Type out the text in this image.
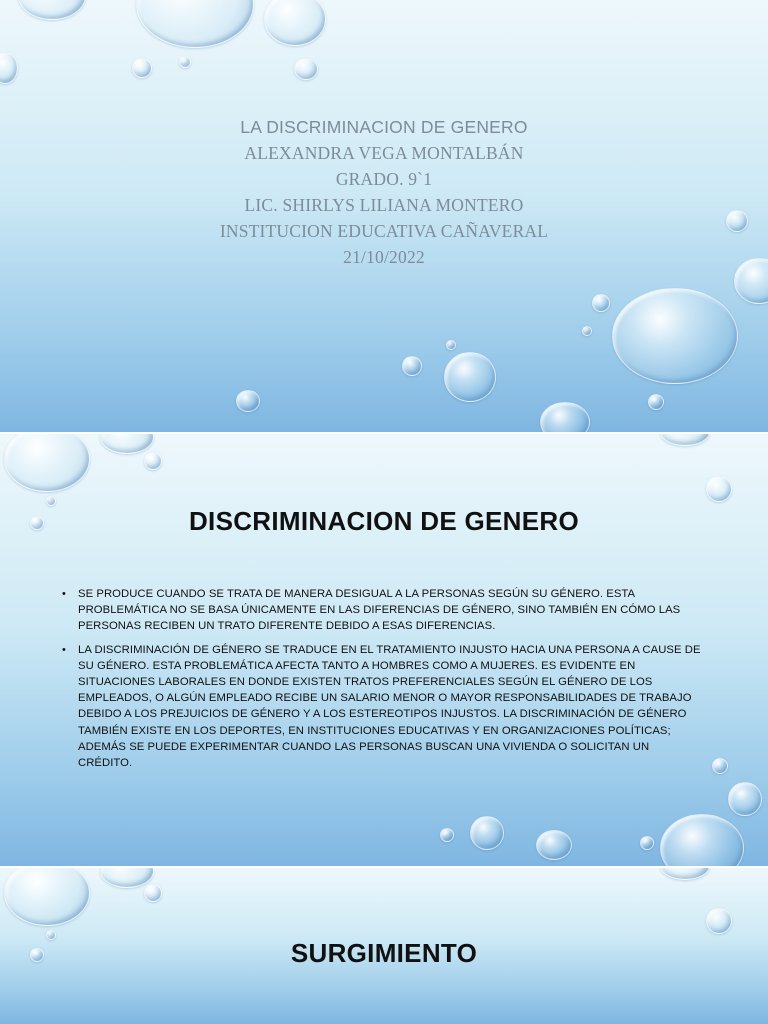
LA DISCRIMINACION DE GENERO
ALEXANDRA VEGA MONTALBÁN
GRADO. 9`1
LIC. SHIRLYS LILIANA MONTERO
INSTITUCION EDUCATIVA CAÑAVERAL
21/10/2022
DISCRIMINACION DE GENERO
• SE PRODUCE CUANDO SE TRATA DE MANERA DESIGUAL A LA PERSONAS SEGÚN SU GÉNERO. ESTA PROBLEMÁTICA NO SE BASA ÚNICAMENTE EN LAS DIFERENCIAS DE GÉNERO, SINO TAMBIÉN EN CÓMO LAS PERSONAS RECIBEN UN TRATO DIFERENTE DEBIDO A ESAS DIFERENCIAS.
• LA DISCRIMINACIÓN DE GÉNERO SE TRADUCE EN EL TRATAMIENTO INJUSTO HACIA UNA PERSONA A CAUSE DE SU GÉNERO. ESTA PROBLEMÁTICA AFECTA TANTO A HOMBRES COMO A MUJERES. ES EVIDENTE EN SITUACIONES LABORALES EN DONDE EXISTEN TRATOS PREFERENCIALES SEGÚN EL GÉNERO DE LOS EMPLEADOS, O ALGÚN EMPLEADO RECIBE UN SALARIO MENOR O MAYOR RESPONSABILIDADES DE TRABAJO DEBIDO A LOS PREJUICIOS DE GÉNERO Y A LOS ESTEREOTIPOS INJUSTOS. LA DISCRIMINACIÓN DE GÉNERO TAMBIÉN EXISTE EN LOS DEPORTES, EN INSTITUCIONES EDUCATIVAS Y EN ORGANIZACIONES POLÍTICAS; ADEMÁS SE PUEDE EXPERIMENTAR CUANDO LAS PERSONAS BUSCAN UNA VIVIENDA O SOLICITAN UN CRÉDITO.
SURGIMIENTO
